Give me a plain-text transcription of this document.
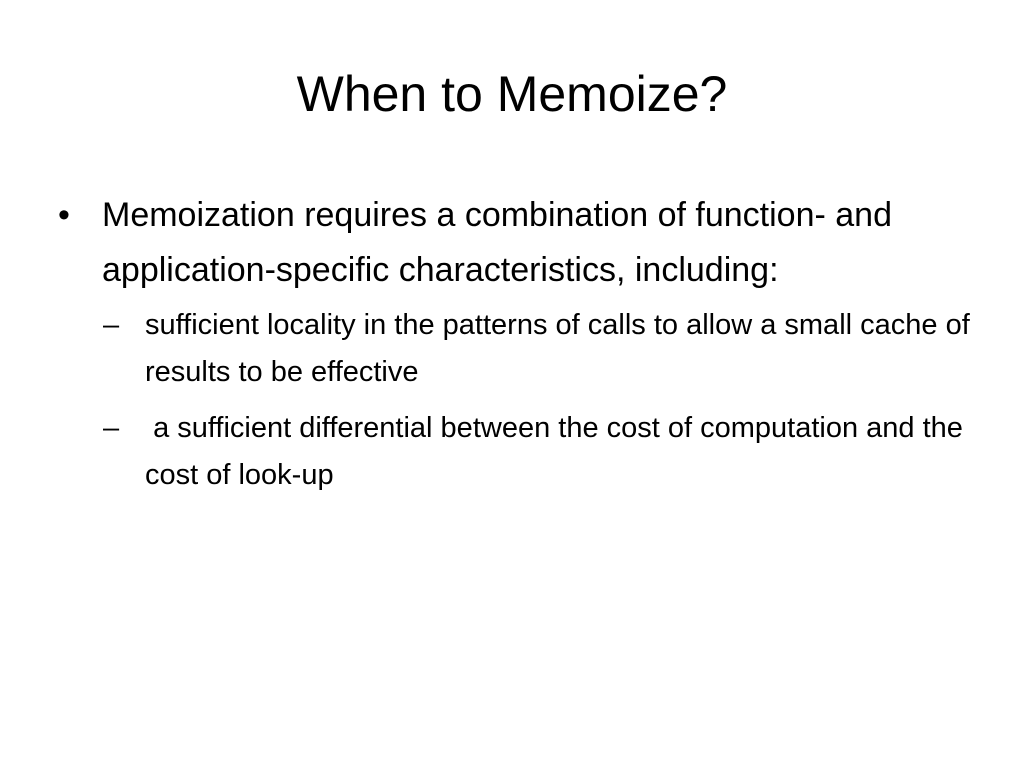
When to Memoize?
• Memoization requires a combination of function- and application-specific characteristics, including:
– sufficient locality in the patterns of calls to allow a small cache of results to be effective
– a sufficient differential between the cost of computation and the cost of look-up
